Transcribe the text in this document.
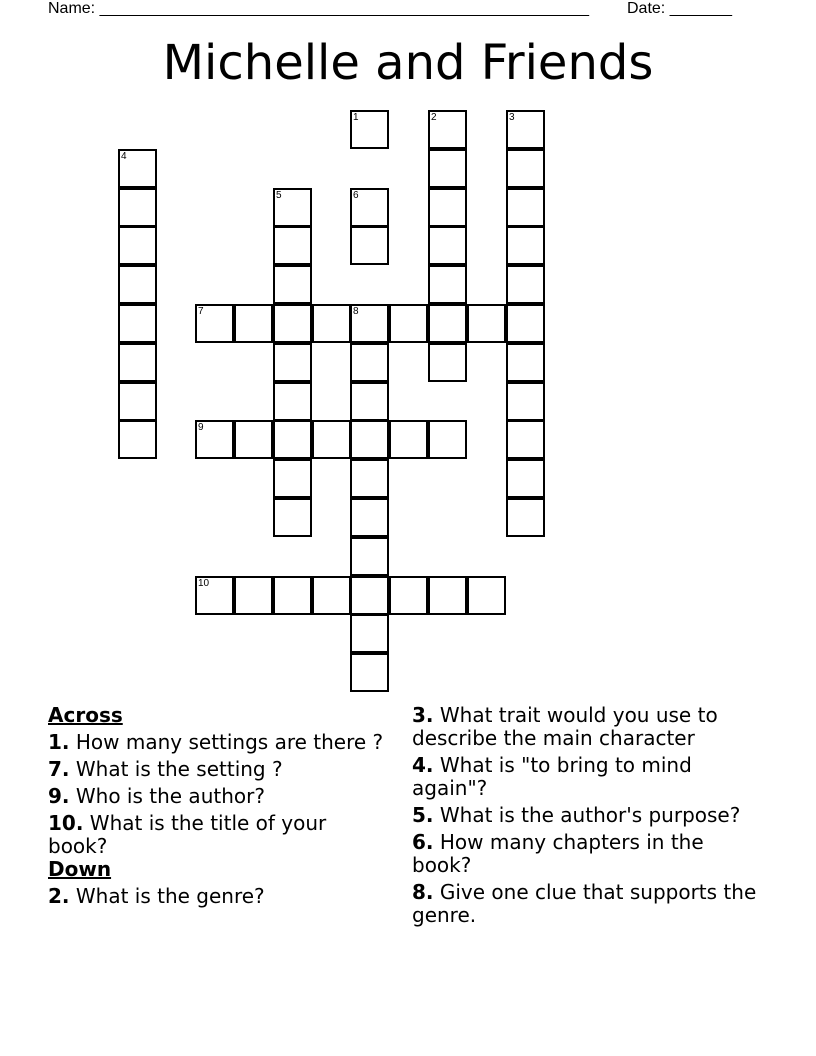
Name: _______________________________________________________ Date: _______
Michelle and Friends
1	2	3
4
5	6
7	8
9
10
Across
1. How many settings are there ?
7. What is the setting ?
9. Who is the author?
10. What is the title of your book?
Down
2. What is the genre?
3. What trait would you use to describe the main character
4. What is "to bring to mind again"?
5. What is the author's purpose?
6. How many chapters in the book?
8. Give one clue that supports the genre.
